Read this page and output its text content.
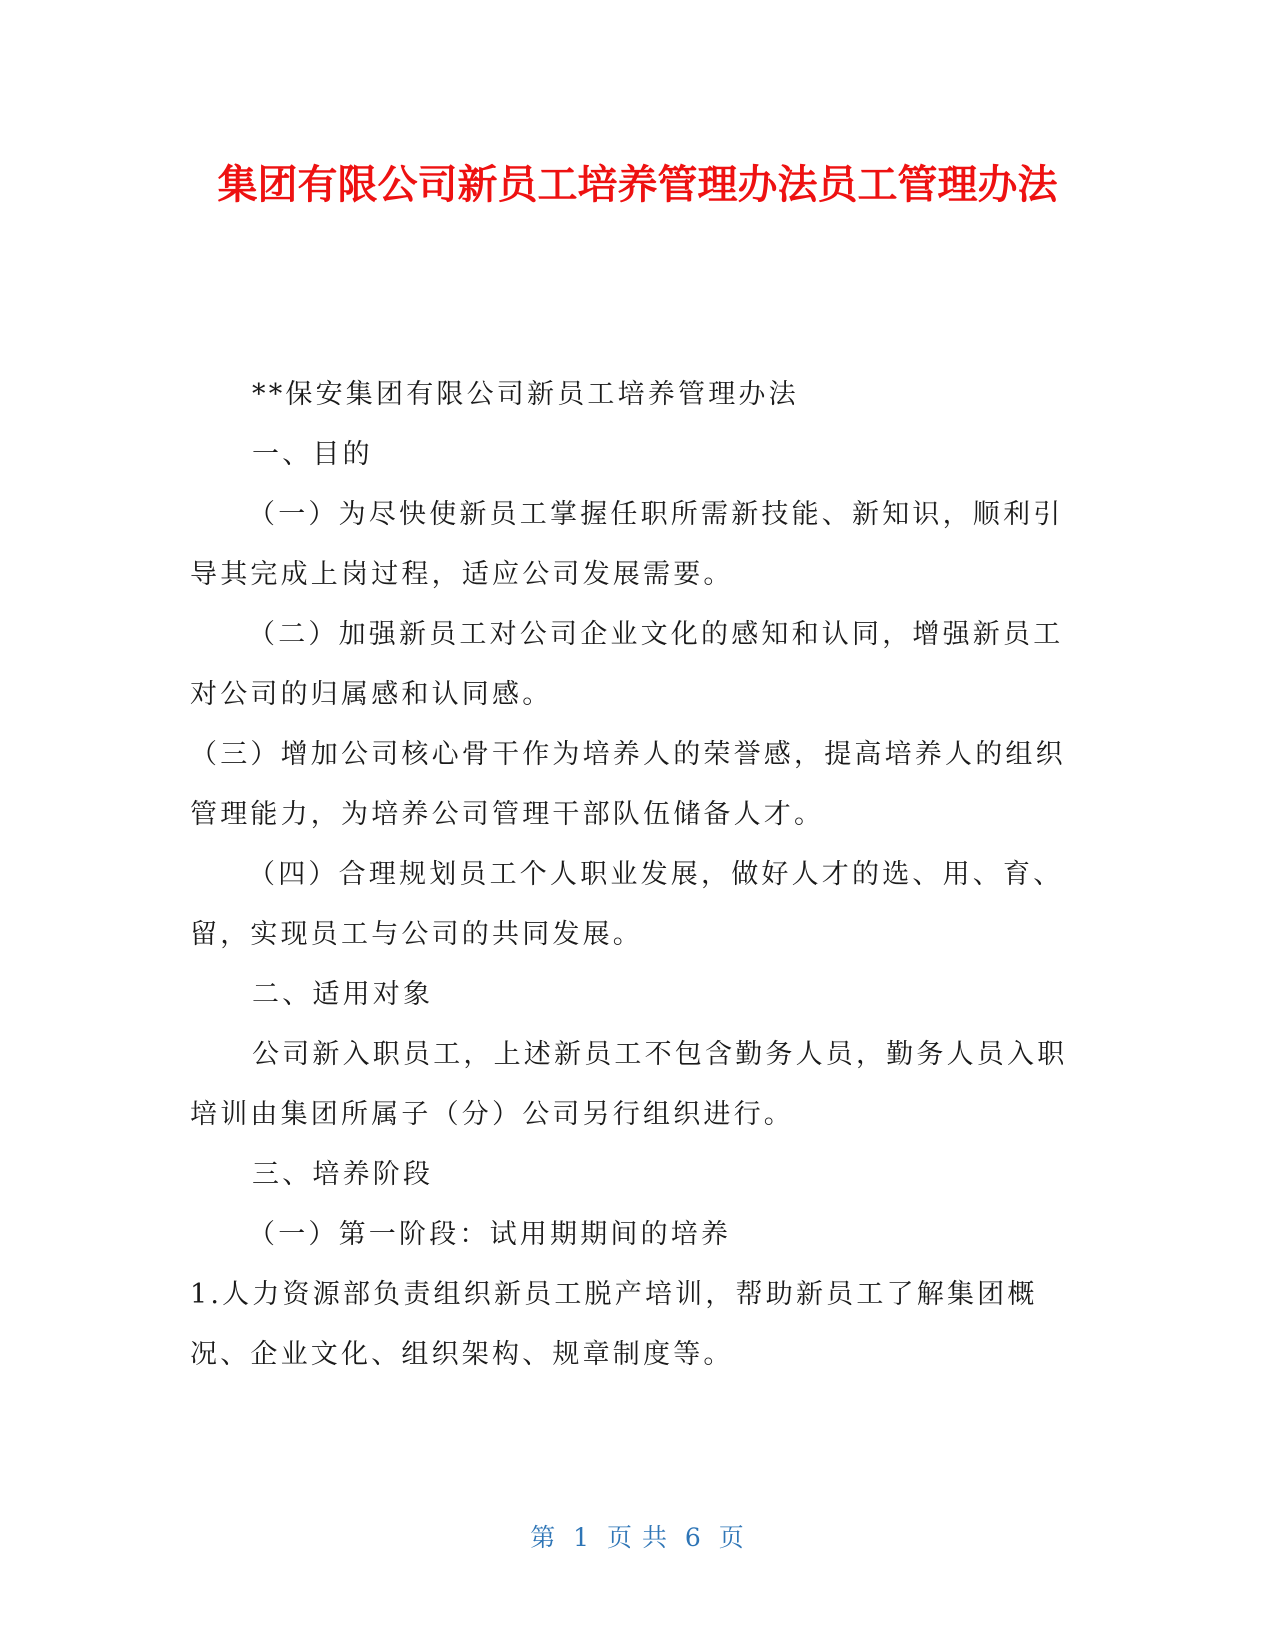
集团有限公司新员工培养管理办法员工管理办法

**保安集团有限公司新员工培养管理办法

一、目的

（一）为尽快使新员工掌握任职所需新技能、新知识，顺利引导其完成上岗过程，适应公司发展需要。

（二）加强新员工对公司企业文化的感知和认同，增强新员工对公司的归属感和认同感。

（三）增加公司核心骨干作为培养人的荣誉感，提高培养人的组织管理能力，为培养公司管理干部队伍储备人才。

（四）合理规划员工个人职业发展，做好人才的选、用、育、留，实现员工与公司的共同发展。

二、适用对象

公司新入职员工，上述新员工不包含勤务人员，勤务人员入职培训由集团所属子（分）公司另行组织进行。

三、培养阶段

（一）第一阶段：试用期期间的培养

1.人力资源部负责组织新员工脱产培训，帮助新员工了解集团概况、企业文化、组织架构、规章制度等。

第 1 页 共 6 页
